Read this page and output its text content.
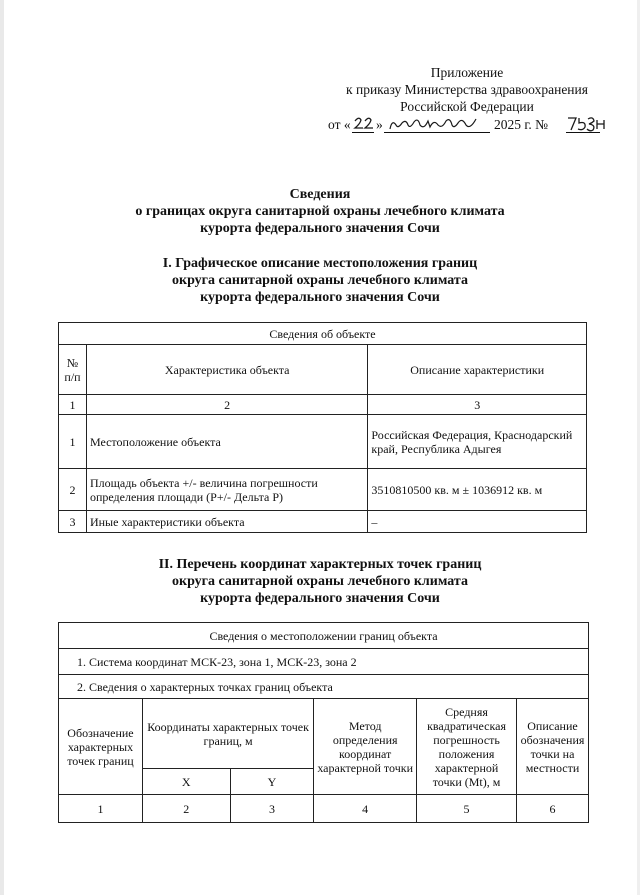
Приложение
к приказу Министерства здравоохранения
Российской Федерации
от « »	2025 г. №
Сведения
о границах округа санитарной охраны лечебного климата
курорта федерального значения Сочи
I. Графическое описание местоположения границ
округа санитарной охраны лечебного климата
курорта федерального значения Сочи
Сведения об объекте		
№ п/п	Характеристика объекта	Описание характеристики
1	2	3
1	Местоположение объекта	Российская Федерация, Краснодарский край, Республика Адыгея
2	Площадь объекта +/- величина погрешности определения площади (Р+/- Дельта Р)	3510810500 кв. м ± 1036912 кв. м
3	Иные характеристики объекта	–
II. Перечень координат характерных точек границ
округа санитарной охраны лечебного климата
курорта федерального значения Сочи
Сведения о местоположении границ объекта					
1. Система координат МСК-23, зона 1, МСК-23, зона 2					
2. Сведения о характерных точках границ объекта					
Обозначение характерных точек границ	Координаты характерных точек границ, м		Метод определения координат характерной точки	Средняя квадратическая погрешность положения характерной точки (Mt), м	Описание обозначения точки на местности
	X	Y			
1	2	3	4	5	6
